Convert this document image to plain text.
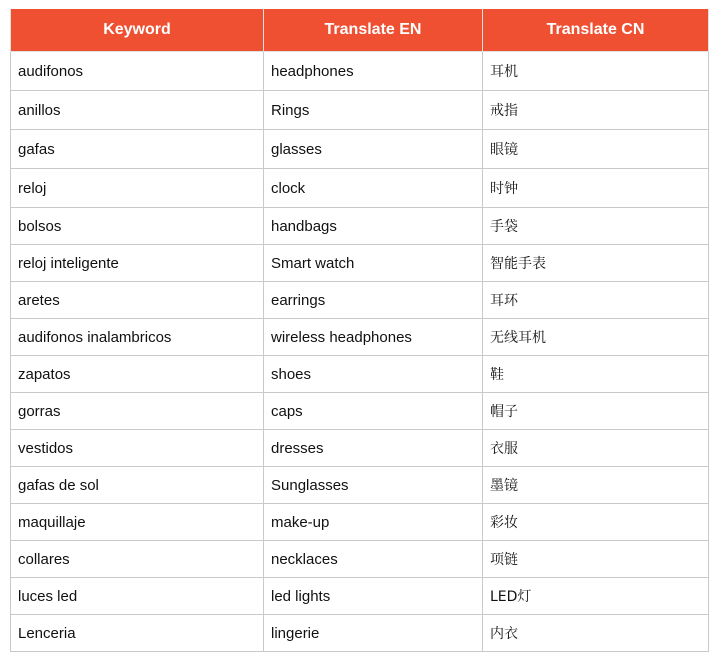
Keyword	Translate EN	Translate CN
audifonos	headphones	耳机
anillos	Rings	戒指
gafas	glasses	眼镜
reloj	clock	时钟
bolsos	handbags	手袋
reloj inteligente	Smart watch	智能手表
aretes	earrings	耳环
audifonos inalambricos	wireless headphones	无线耳机
zapatos	shoes	鞋
gorras	caps	帽子
vestidos	dresses	衣服
gafas de sol	Sunglasses	墨镜
maquillaje	make-up	彩妆
collares	necklaces	项链
luces led	led lights	LED灯
Lenceria	lingerie	内衣
